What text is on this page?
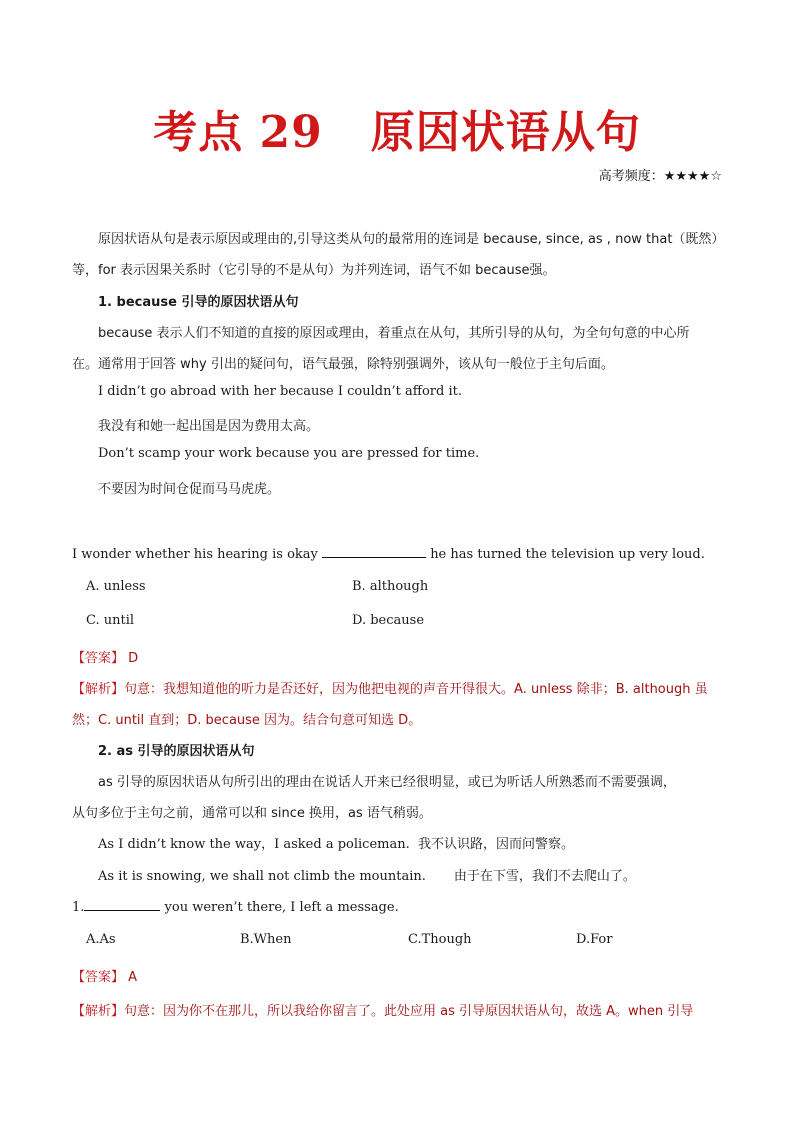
考点 29 原因状语从句
高考频度：★★★★☆
原因状语从句是表示原因或理由的,引导这类从句的最常用的连词是 because, since, as , now that（既然）
等，for 表示因果关系时（它引导的不是从句）为并列连词，语气不如 because强。
1. because 引导的原因状语从句
because 表示人们不知道的直接的原因或理由，着重点在从句，其所引导的从句，为全句句意的中心所
在。通常用于回答 why 引出的疑问句，语气最强，除特别强调外，该从句一般位于主句后面。
I didn’t go abroad with her because I couldn’t afford it.
我没有和她一起出国是因为费用太高。
Don’t scamp your work because you are pressed for time.
不要因为时间仓促而马马虎虎。
I wonder whether his hearing is okay	he has turned the television up very loud.
A. unless	B. although
C. until	D. because
【答案】 D
【解析】句意：我想知道他的听力是否还好，因为他把电视的声音开得很大。A. unless 除非；B. although 虽
然；C. until 直到；D. because 因为。结合句意可知选 D。
2. as 引导的原因状语从句
as 引导的原因状语从句所引出的理由在说话人开来已经很明显，或已为听话人所熟悉而不需要强调，
从句多位于主句之前，通常可以和 since 换用，as 语气稍弱。
As I didn’t know the way，I asked a policeman. 我不认识路，因而问警察。
As it is snowing, we shall not climb the mountain. 由于在下雪，我们不去爬山了。
1.	you weren’t there, I left a message.
A.As	B.When	C.Though	D.For
【答案】 A
【解析】句意：因为你不在那儿，所以我给你留言了。此处应用 as 引导原因状语从句，故选 A。when 引导
